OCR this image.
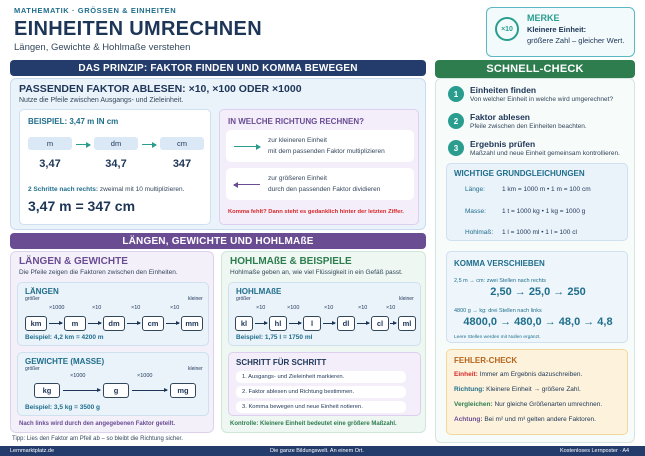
MATHEMATIK · GRÖSSEN & EINHEITEN
EINHEITEN UMRECHNEN
Längen, Gewichte & Hohlmaße verstehen
×10
MERKE
Kleinere Einheit:
größere Zahl – gleicher Wert.
DAS PRINZIP: FAKTOR FINDEN UND KOMMA BEWEGEN
PASSENDEN FAKTOR ABLESEN: ×10, ×100 ODER ×1000
Nutze die Pfeile zwischen Ausgangs- und Zieleinheit.
BEISPIEL: 3,47 m IN cm
m	dm	cm
3,47	34,7	347
2 Schritte nach rechts: zweimal mit 10 multiplizieren.
3,47 m = 347 cm
IN WELCHE RICHTUNG RECHNEN?
zur kleineren Einheit
mit dem passenden Faktor multiplizieren
zur größeren Einheit
durch den passenden Faktor dividieren
Komma fehlt? Dann steht es gedanklich hinter der letzten Ziffer.
LÄNGEN, GEWICHTE UND HOHLMAßE
LÄNGEN & GEWICHTE
Die Pfeile zeigen die Faktoren zwischen den Einheiten.
LÄNGEN
größer	kleiner
km	m	dm	cm	mm
×1000	×10	×10	×10
Beispiel: 4,2 km = 4200 m
GEWICHTE (MASSE)
größer	kleiner
kg	g	mg
×1000	×1000
Beispiel: 3,5 kg = 3500 g
Nach links wird durch den angegebenen Faktor geteilt.
HOHLMAßE & BEISPIELE
Hohlmaße geben an, wie viel Flüssigkeit in ein Gefäß passt.
HOHLMAßE
größer	kleiner
kl	hl	l	dl	cl	ml
×10	×100	×10	×10	×10
Beispiel: 1,75 l = 1750 ml
SCHRITT FÜR SCHRITT
1. Ausgangs- und Zieleinheit markieren.
2. Faktor ablesen und Richtung bestimmen.
3. Komma bewegen und neue Einheit notieren.
Kontrolle: Kleinere Einheit bedeutet eine größere Maßzahl.
Tipp: Lies den Faktor am Pfeil ab – so bleibt die Richtung sicher.
SCHNELL-CHECK
1	Einheiten finden
Von welcher Einheit in welche wird umgerechnet?
2	Faktor ablesen
Pfeile zwischen den Einheiten beachten.
3	Ergebnis prüfen
Maßzahl und neue Einheit gemeinsam kontrollieren.
WICHTIGE GRUNDGLEICHUNGEN
Länge:	1 km = 1000 m • 1 m = 100 cm
Masse: 1 t = 1000 kg • 1 kg = 1000 g
Hohlmaß: 1 l = 1000 ml • 1 l = 100 cl
KOMMA VERSCHIEBEN
2,5 m → cm: zwei Stellen nach rechts
2,50 → 25,0 → 250
4800 g → kg: drei Stellen nach links
4800,0 → 480,0 → 48,0 → 4,8
Leere Stellen werden mit Nullen ergänzt.
FEHLER-CHECK
Einheit: Immer am Ergebnis dazuschreiben.
Richtung: Kleinere Einheit → größere Zahl.
Vergleichen: Nur gleiche Größenarten umrechnen.
Achtung: Bei m² und m³ gelten andere Faktoren.
Lernmarktplatz.de	Die ganze Bildungswelt. An einem Ort.	Kostenloses Lernposter · A4
